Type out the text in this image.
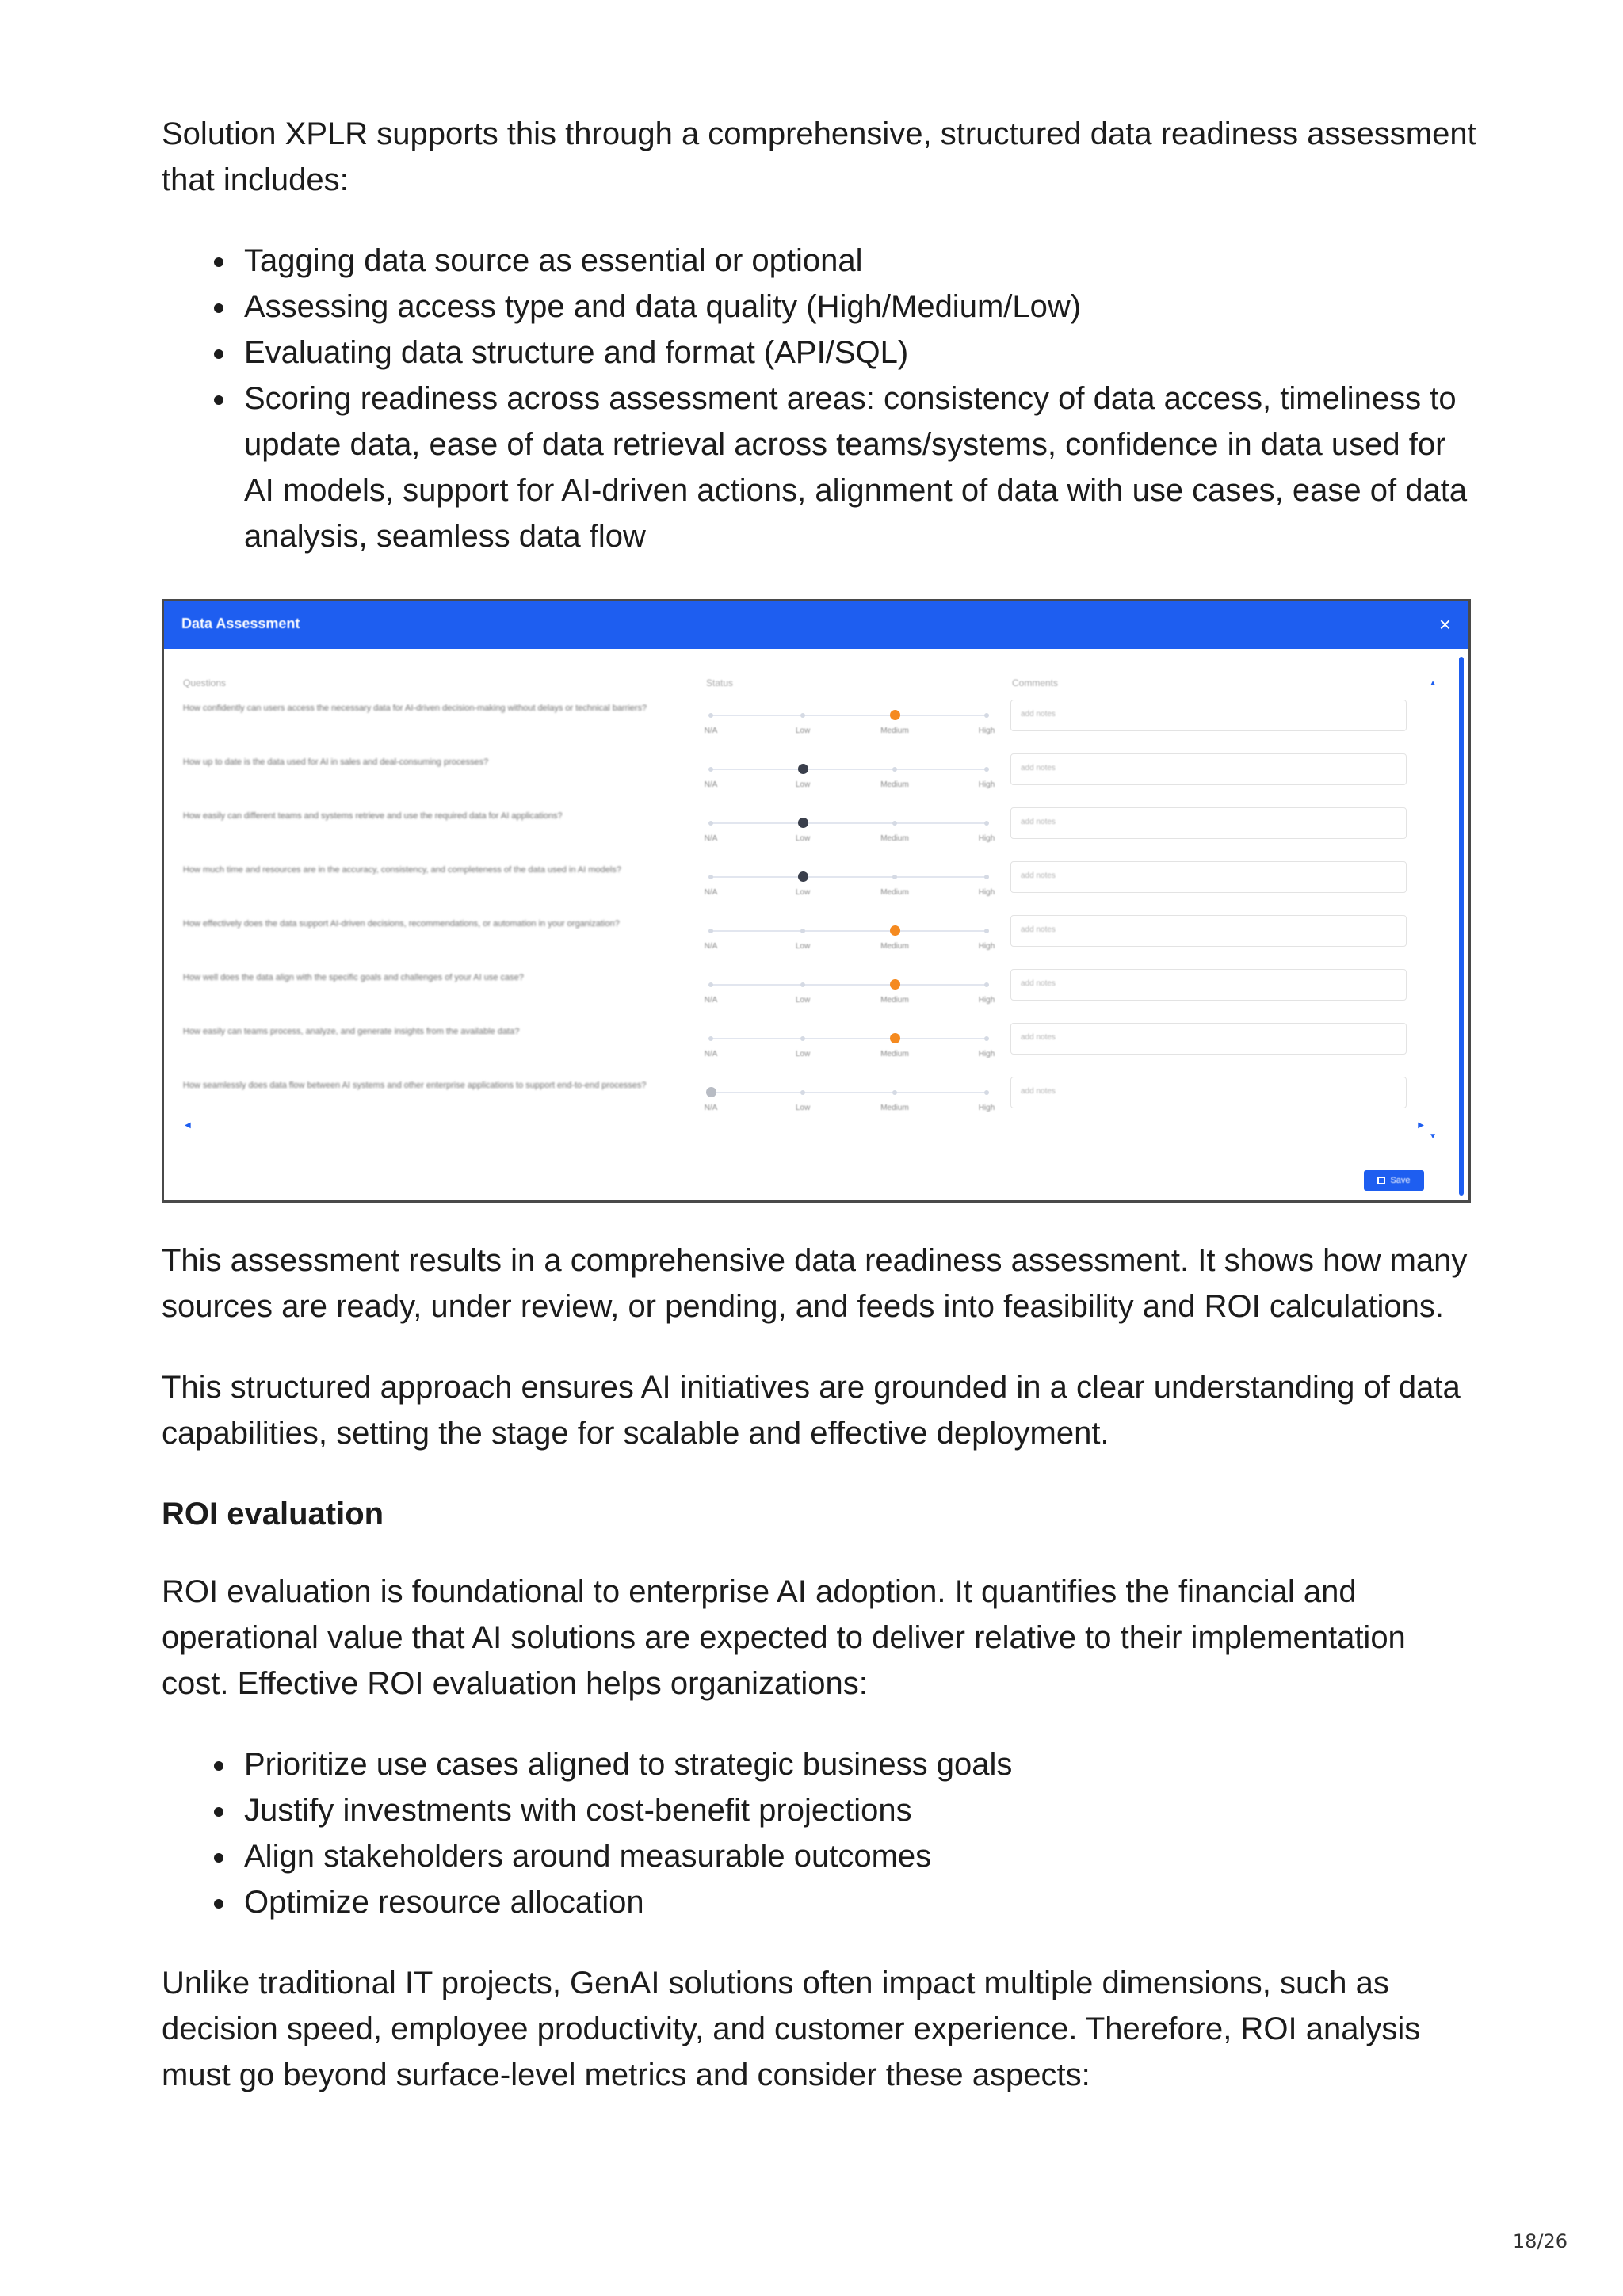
Solution XPLR supports this through a comprehensive, structured data readiness assessment that includes:

Tagging data source as essential or optional
Assessing access type and data quality (High/Medium/Low)
Evaluating data structure and format (API/SQL)
Scoring readiness across assessment areas: consistency of data access, timeliness to update data, ease of data retrieval across teams/systems, confidence in data used for AI models, support for AI-driven actions, alignment of data with use cases, ease of data analysis, seamless data flow
Data Assessment	×
Questions	Status	Comments
How confidently can users access the necessary data for AI-driven decision-making without delays or technical barriers?
N/A	Low	Medium	High
add notes
How up to date is the data used for AI in sales and deal-consuming processes?
N/A	Low	Medium	High
add notes
How easily can different teams and systems retrieve and use the required data for AI applications?
N/A	Low	Medium	High
add notes
How much time and resources are in the accuracy, consistency, and completeness of the data used in AI models?
N/A	Low	Medium	High
add notes
How effectively does the data support AI-driven decisions, recommendations, or automation in your organization?
N/A	Low	Medium	High
add notes
How well does the data align with the specific goals and challenges of your AI use case?
N/A	Low	Medium	High
add notes
How easily can teams process, analyze, and generate insights from the available data?
N/A	Low	Medium	High
add notes
How seamlessly does data flow between AI systems and other enterprise applications to support end-to-end processes?
N/A	Low	Medium	High
add notes
▲
▼
◀	▶
Save

This assessment results in a comprehensive data readiness assessment. It shows how many sources are ready, under review, or pending, and feeds into feasibility and ROI calculations.

This structured approach ensures AI initiatives are grounded in a clear understanding of data capabilities, setting the stage for scalable and effective deployment.

ROI evaluation

ROI evaluation is foundational to enterprise AI adoption. It quantifies the financial and operational value that AI solutions are expected to deliver relative to their implementation cost. Effective ROI evaluation helps organizations:

Prioritize use cases aligned to strategic business goals
Justify investments with cost-benefit projections
Align stakeholders around measurable outcomes
Optimize resource allocation

Unlike traditional IT projects, GenAI solutions often impact multiple dimensions, such as decision speed, employee productivity, and customer experience. Therefore, ROI analysis must go beyond surface-level metrics and consider these aspects:

18/26
